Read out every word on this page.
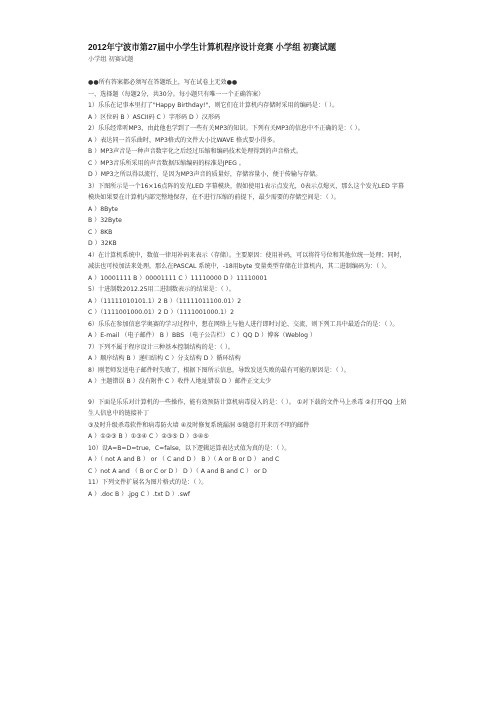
2012年宁波市第27届中小学生计算机程序设计竞赛 小学组 初赛试题
小学组 初赛试题
●●所有答案都必须写在答题纸上，写在试卷上无效●●
一、选择题（每题2分，共30分。每小题只有唯一一个正确答案）
1）乐乐在记事本里打了"Happy Birthday!"，则它们在计算机内存储时采用的编码是：（ ）。
A ）区位码 B ）ASCII码 C ）字形码 D ）汉形码
2）乐乐经常听MP3，由此他也学到了一些有关MP3的知识。下列有关MP3的信息中不正确的是：（ ）。
A ）表达同一首乐曲时，MP3格式的文件大小比WAVE 格式要小得多。
B ）MP3声音是一种声音数字化之后经过压缩和编码技术处理得到的声音格式。
C ）MP3音乐所采用的声音数据压缩编码的标准是JPEG 。
D ）MP3之所以得以流行，是因为MP3声音的质量好，存储容量小，便于传输与存储。
3）下图所示是一个16×16点阵的发光LED 字幕模块，假如使用1表示点发光，0表示点熄灭，那么这个发光LED 字幕模块如果要在计算机内部完整地保存，在不进行压缩的前提下，最少需要的存储空间是：（ ）。
A ）8Byte
B ）32Byte
C ）8KB
D ）32KB
4）在计算机系统中，数值一律用补码来表示（存储）。主要原因：使用补码，可以将符号位和其他位统一处理；同时，减法也可按加法来处理。那么在PASCAL 系统中，-18用byte 变量类型存储在计算机内，其二进制编码为：（ ）。
A ）10001111 B ）00001111 C ）11110000 D ）11110001
5）十进制数2012.25用二进制数表示的结果是：（ ）。
A ）（11111010101.1）2 B ）（11111011100.01）2
C ）（1111001000.01）2 D ）（1111001000.1）2
6）乐乐在参加信息学奥赛的学习过程中，想在网络上与他人进行即时讨论、交流，则下列工具中最适合的是：（ ）。
A ）E-mail （电子邮件） B ）BBS （电子公告栏） C ）QQ D ）博客（Weblog ）
7）下列不属于程序设计三种基本控制结构的是：（ ）。
A ）顺序结构 B ）递归结构 C ）分支结构 D ）循环结构
8）刚老师发送电子邮件时失败了，根据下图所示信息，导致发送失败的最有可能的原因是：（ ）。
A ）主题错误 B ）没有附件 C ）收件人地址错误 D ）邮件正文太少
9）下面是乐乐对计算机的一些操作，能有效预防计算机病毒侵入的是：（ ）。 ①对下载的文件马上杀毒 ②打开QQ 上陌生人信息中的链接补丁
③及时升级杀毒软件和病毒防火墙 ④及时修复系统漏洞 ⑤随意打开来历不明的邮件
A ）①②③ B ）①③④ C ）②③⑤ D ）③④⑤
10）设A=B=D=true，C=false，以下逻辑运算表达式值为真的是：（ ）。
A ）（ not A and B ） or （ C and D ） B ）（ A or B or D ） and C
C ）not A and （ B or C or D ） D ）（ A and B and C ） or D
11）下列文件扩展名为图片格式的是：（ ）。
A ）.doc B ）.jpg C ）.txt D ）.swf
